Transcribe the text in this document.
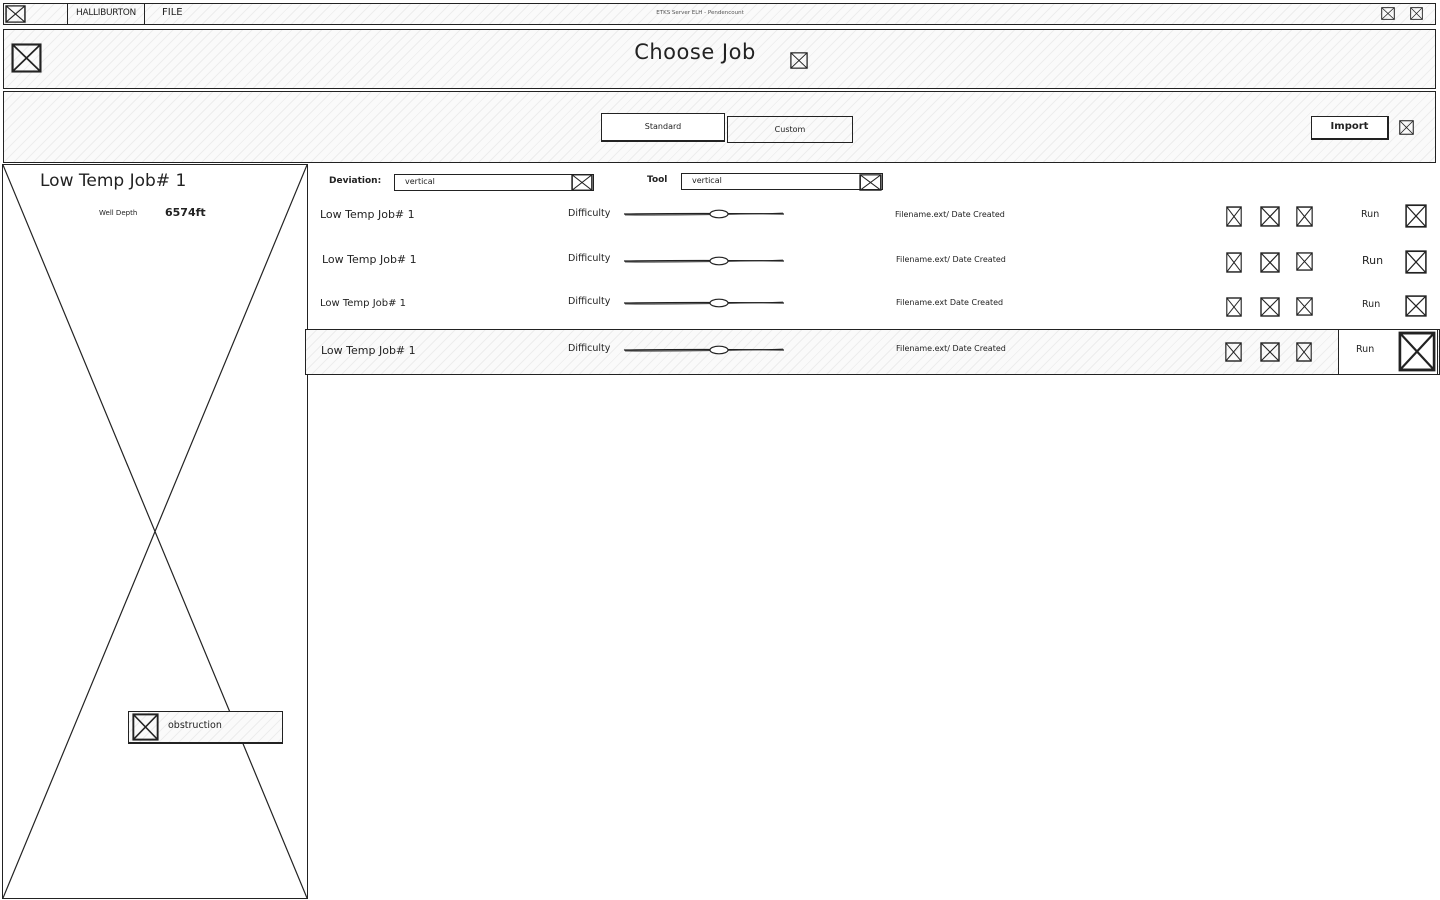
HALLIBURTON	FILE	ETKS Server ELH - Pendencount
Choose Job
Standard	Custom	Import
Low Temp Job# 1
Well Depth	6574ft
obstruction
Deviation:	vertical	Tool	vertical
Low Temp Job# 1	Difficulty	Filename.ext/ Date Created	Run
Low Temp Job# 1	Difficulty	Filename.ext/ Date Created	Run
Low Temp Job# 1	Difficulty	Filename.ext Date Created	Run
Low Temp Job# 1	Difficulty	Filename.ext/ Date Created	Run
